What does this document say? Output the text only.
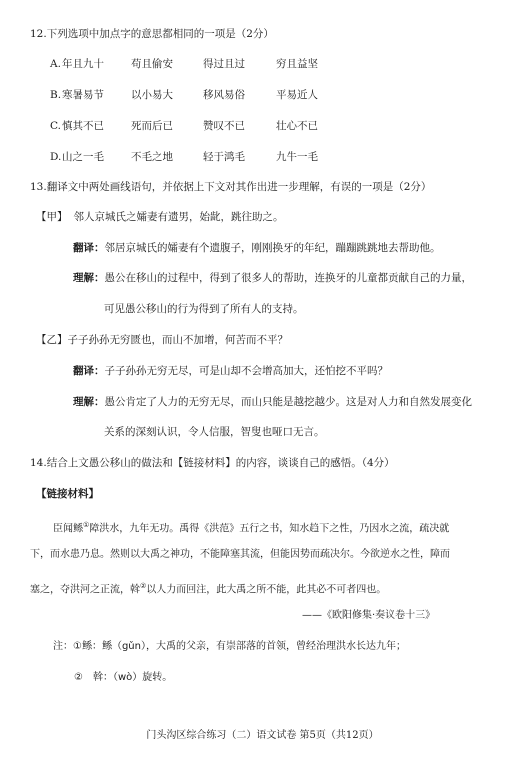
12.下列选项中加点字的意思都相同的一项是（2分）
A. 年且九十	苟且偷安	得过且过	穷且益坚
B. 寒暑易节	以小易大	移风易俗	平易近人
C. 慎其不已	死而后已	赞叹不已	壮心不已
D. 山之一毛	不毛之地	轻于鸿毛	九牛一毛
13.翻译文中两处画线语句，并依据上下文对其作出进一步理解，有误的一项是（2分）
【甲】 邻人京城氏之孀妻有遗男，始龀，跳往助之。
翻译：邻居京城氏的孀妻有个遗腹子，刚刚换牙的年纪，蹦蹦跳跳地去帮助他。
理解：愚公在移山的过程中，得到了很多人的帮助，连换牙的儿童都贡献自己的力量，
可见愚公移山的行为得到了所有人的支持。
【乙】子子孙孙无穷匮也，而山不加增，何苦而不平？
翻译：子子孙孙无穷无尽，可是山却不会增高加大，还怕挖不平吗？
理解：愚公肯定了人力的无穷无尽，而山只能是越挖越少。这是对人力和自然发展变化
关系的深刻认识，令人信服，智叟也哑口无言。
14.结合上文愚公移山的做法和【链接材料】的内容，谈谈自己的感悟。（4分）
【链接材料】
臣闻鲧①障洪水，九年无功。禹得《洪范》五行之书，知水趋下之性，乃因水之流，疏决就
下，而水患乃息。然则以大禹之神功，不能障塞其流，但能因势而疏决尔。今欲逆水之性，障而
塞之，夺洪河之正流，斡②以人力而回注，此大禹之所不能，此其必不可者四也。
——《欧阳修集·奏议卷十三》
注：①鲧：鲧（gǔn），大禹的父亲，有崇部落的首领，曾经治理洪水长达九年；
②　斡：（wò）旋转。
门头沟区综合练习（二）语文试卷 第5页（共12页）
